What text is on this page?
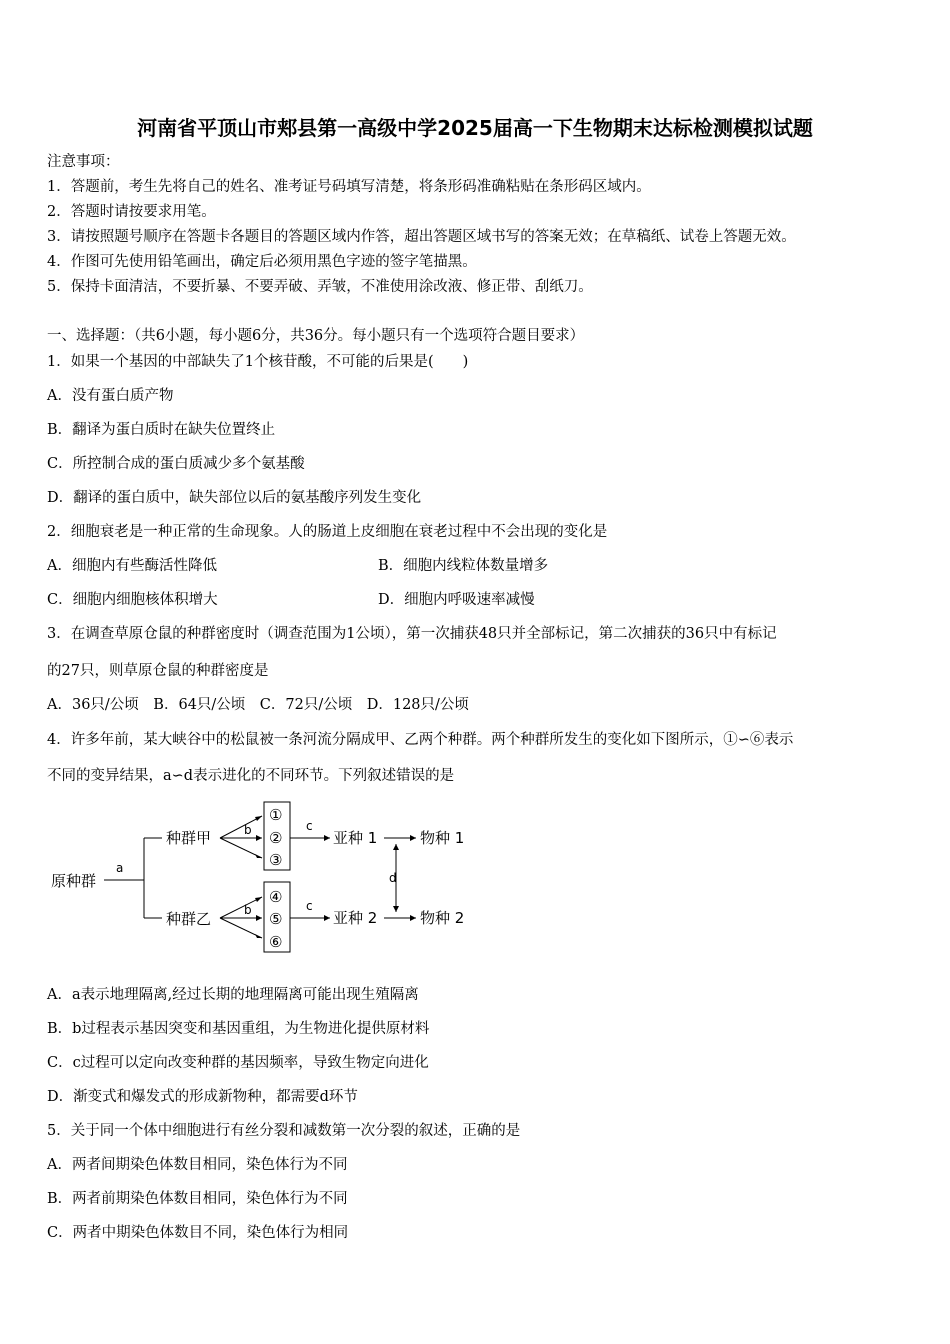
河南省平顶山市郏县第一高级中学2025届高一下生物期末达标检测模拟试题
注意事项：
1．答题前，考生先将自己的姓名、准考证号码填写清楚，将条形码准确粘贴在条形码区域内。
2．答题时请按要求用笔。
3．请按照题号顺序在答题卡各题目的答题区域内作答，超出答题区域书写的答案无效；在草稿纸、试卷上答题无效。
4．作图可先使用铅笔画出，确定后必须用黑色字迹的签字笔描黑。
5．保持卡面清洁，不要折暴、不要弄破、弄皱，不准使用涂改液、修正带、刮纸刀。
一、选择题：（共6小题，每小题6分，共36分。每小题只有一个选项符合题目要求）
1．如果一个基因的中部缺失了1个核苷酸，不可能的后果是(　　)
A．没有蛋白质产物
B．翻译为蛋白质时在缺失位置终止
C．所控制合成的蛋白质减少多个氨基酸
D．翻译的蛋白质中，缺失部位以后的氨基酸序列发生变化
2．细胞衰老是一种正常的生命现象。人的肠道上皮细胞在衰老过程中不会出现的变化是
A．细胞内有些酶活性降低	B．细胞内线粒体数量增多
C．细胞内细胞核体积增大	D．细胞内呼吸速率减慢
3．在调查草原仓鼠的种群密度时（调查范围为1公顷），第一次捕获48只并全部标记，第二次捕获的36只中有标记
的27只，则草原仓鼠的种群密度是
A．36只/公顷　B．64只/公顷　C．72只/公顷　D．128只/公顷
4．许多年前，某大峡谷中的松鼠被一条河流分隔成甲、乙两个种群。两个种群所发生的变化如下图所示，①∽⑥表示
不同的变异结果，a∽d表示进化的不同环节。下列叙述错误的是
原种群
a
种群甲
种群乙
b
b
①
②
③
④
⑤
⑥
c
c
亚种 1
亚种 2
d
物种 1
物种 2
A．a表示地理隔离,经过长期的地理隔离可能出现生殖隔离
B．b过程表示基因突变和基因重组，为生物进化提供原材料
C．c过程可以定向改变种群的基因频率，导致生物定向进化
D．渐变式和爆发式的形成新物种，都需要d环节
5．关于同一个体中细胞进行有丝分裂和减数第一次分裂的叙述，正确的是
A．两者间期染色体数目相同，染色体行为不同
B．两者前期染色体数目相同，染色体行为不同
C．两者中期染色体数目不同，染色体行为相同
